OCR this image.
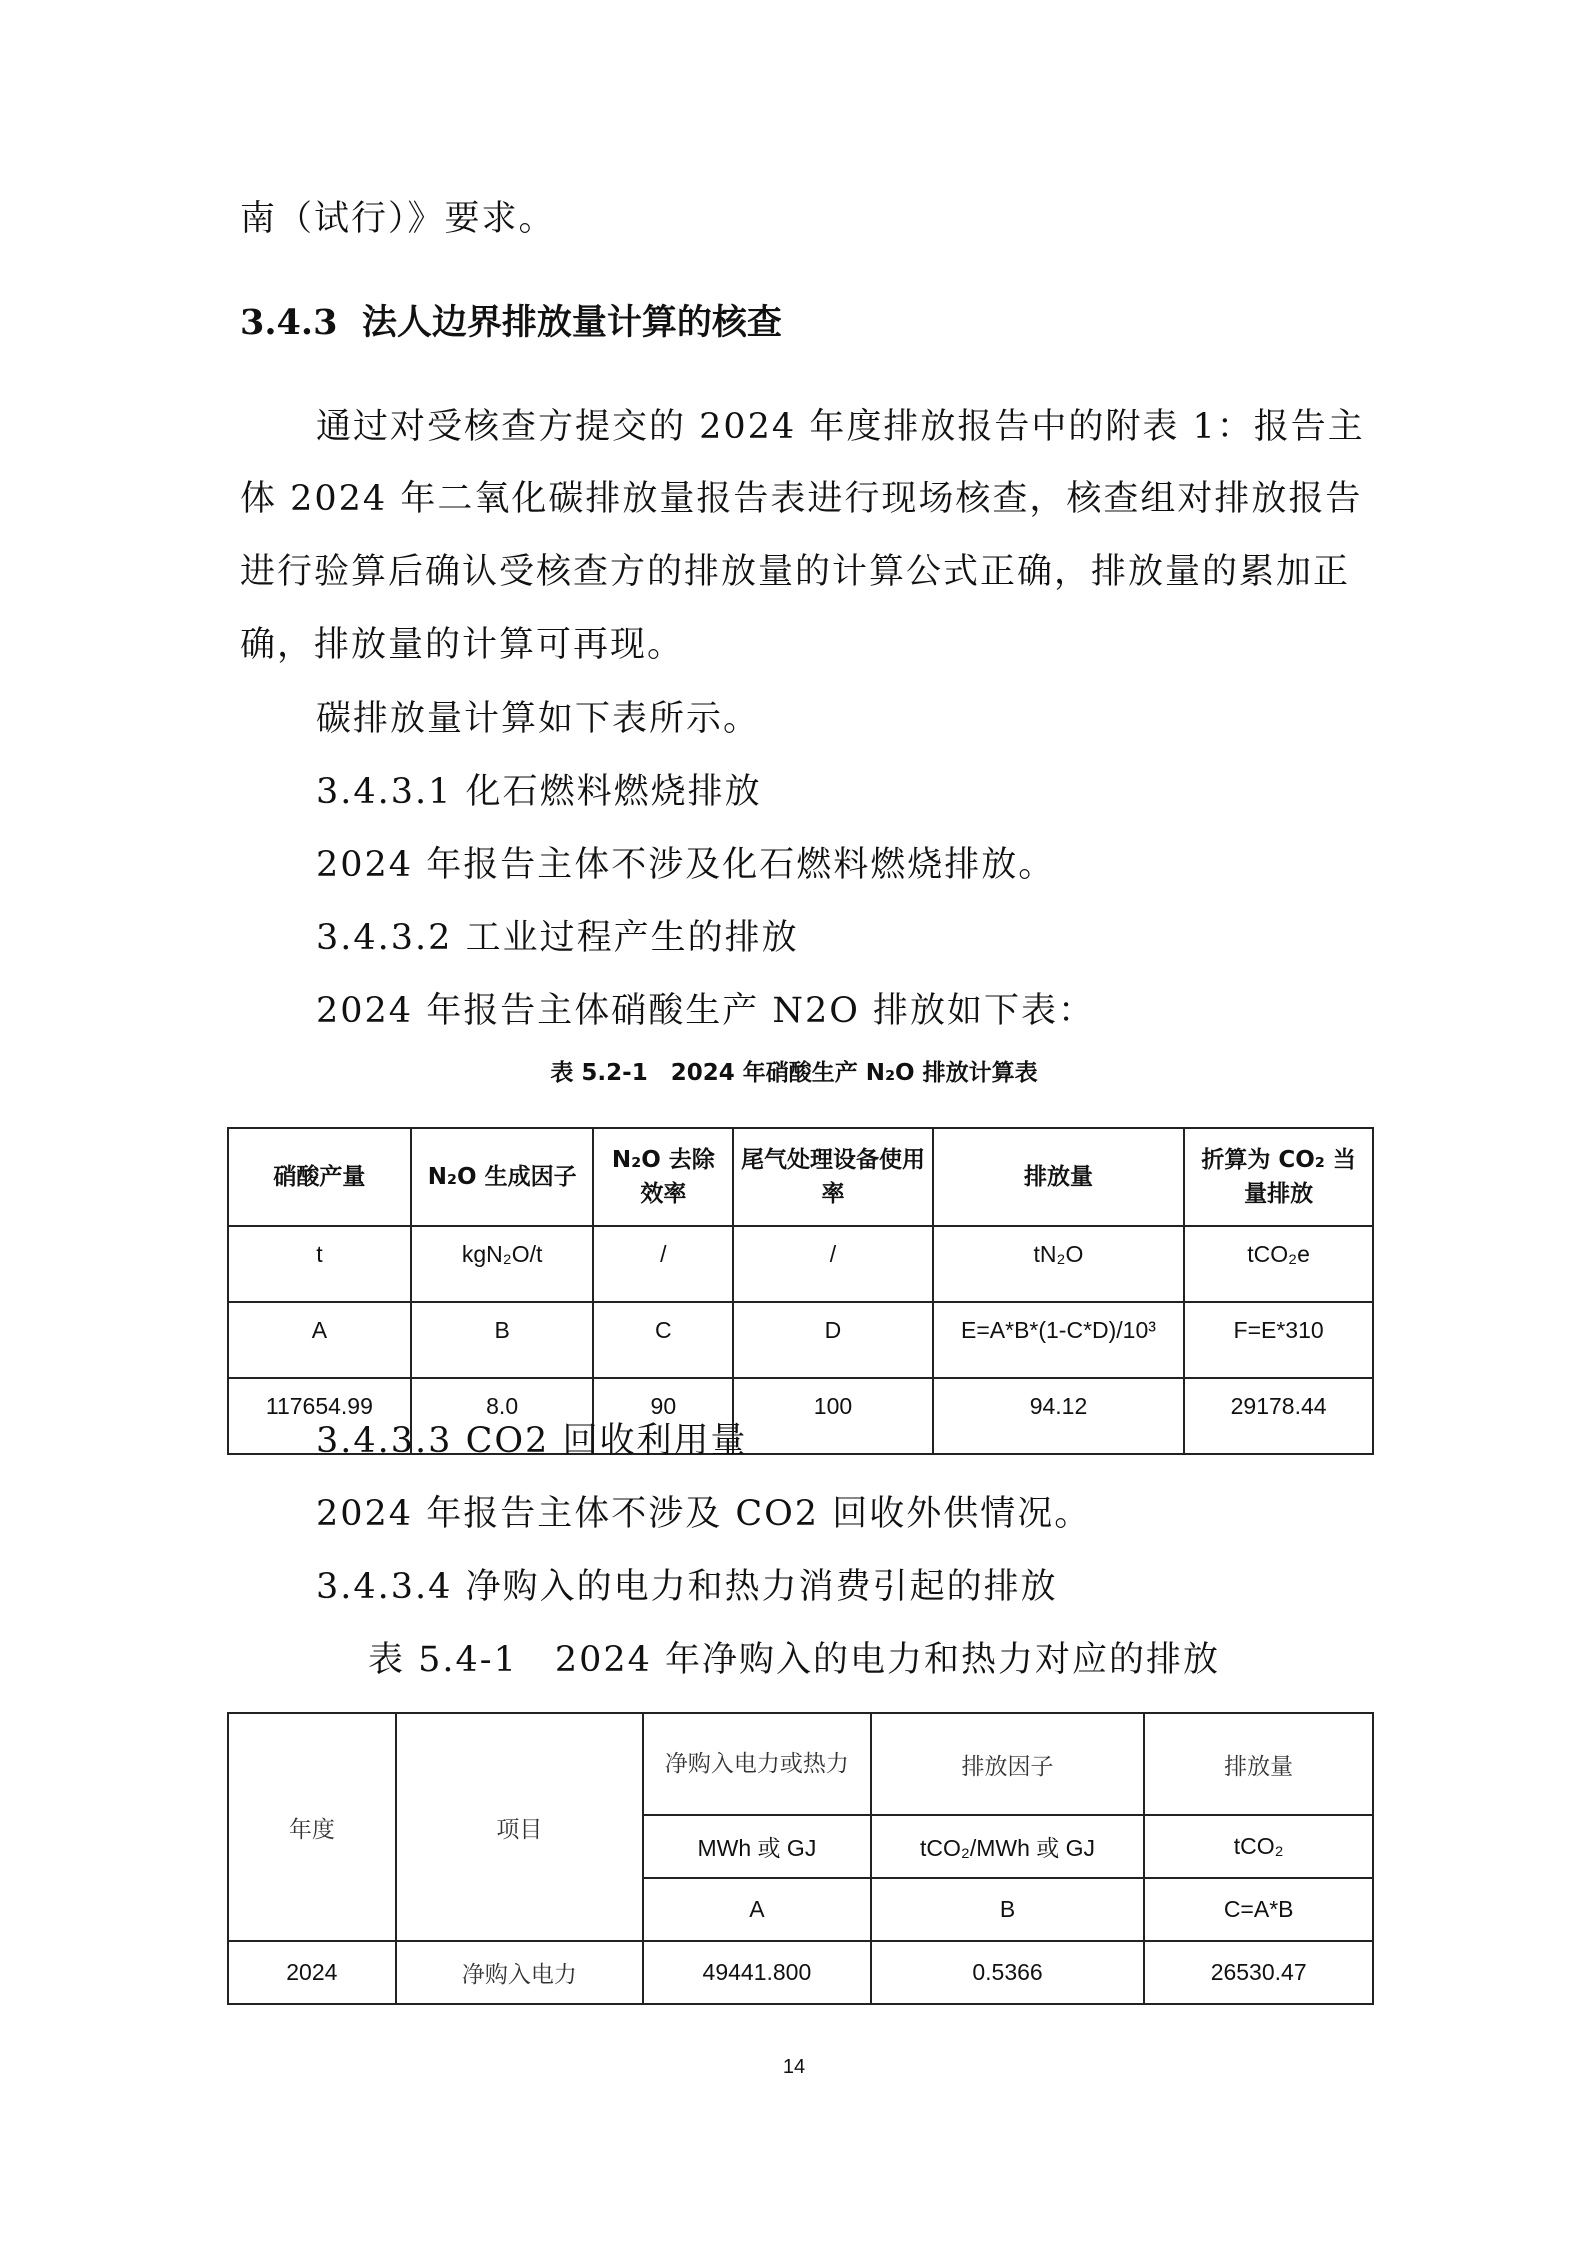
南（试行）》要求。
3.4.3 法人边界排放量计算的核查
通过对受核查方提交的 2024 年度排放报告中的附表 1：报告主
体 2024 年二氧化碳排放量报告表进行现场核查，核查组对排放报告
进行验算后确认受核查方的排放量的计算公式正确，排放量的累加正
确，排放量的计算可再现。
碳排放量计算如下表所示。
3.4.3.1 化石燃料燃烧排放
2024 年报告主体不涉及化石燃料燃烧排放。
3.4.3.2 工业过程产生的排放
2024 年报告主体硝酸生产 N2O 排放如下表：
表 5.2-1　2024 年硝酸生产 N₂O 排放计算表
硝酸产量	N₂O 生成因子	N₂O 去除效率	尾气处理设备使用率	排放量	折算为 CO₂ 当量排放
t	kgN₂O/t	/	/	tN₂O	tCO₂e
A	B	C	D	E=A*B*(1-C*D)/10³	F=E*310
117654.99	8.0	90	100	94.12	29178.44
3.4.3.3 CO2 回收利用量
2024 年报告主体不涉及 CO2 回收外供情况。
3.4.3.4 净购入的电力和热力消费引起的排放
表 5.4-1　2024 年净购入的电力和热力对应的排放
年度	项目	净购入电力或热力	排放因子	排放量
		MWh 或 GJ	tCO₂/MWh 或 GJ	tCO₂
		A	B	C=A*B
2024	净购入电力	49441.800	0.5366	26530.47
14
